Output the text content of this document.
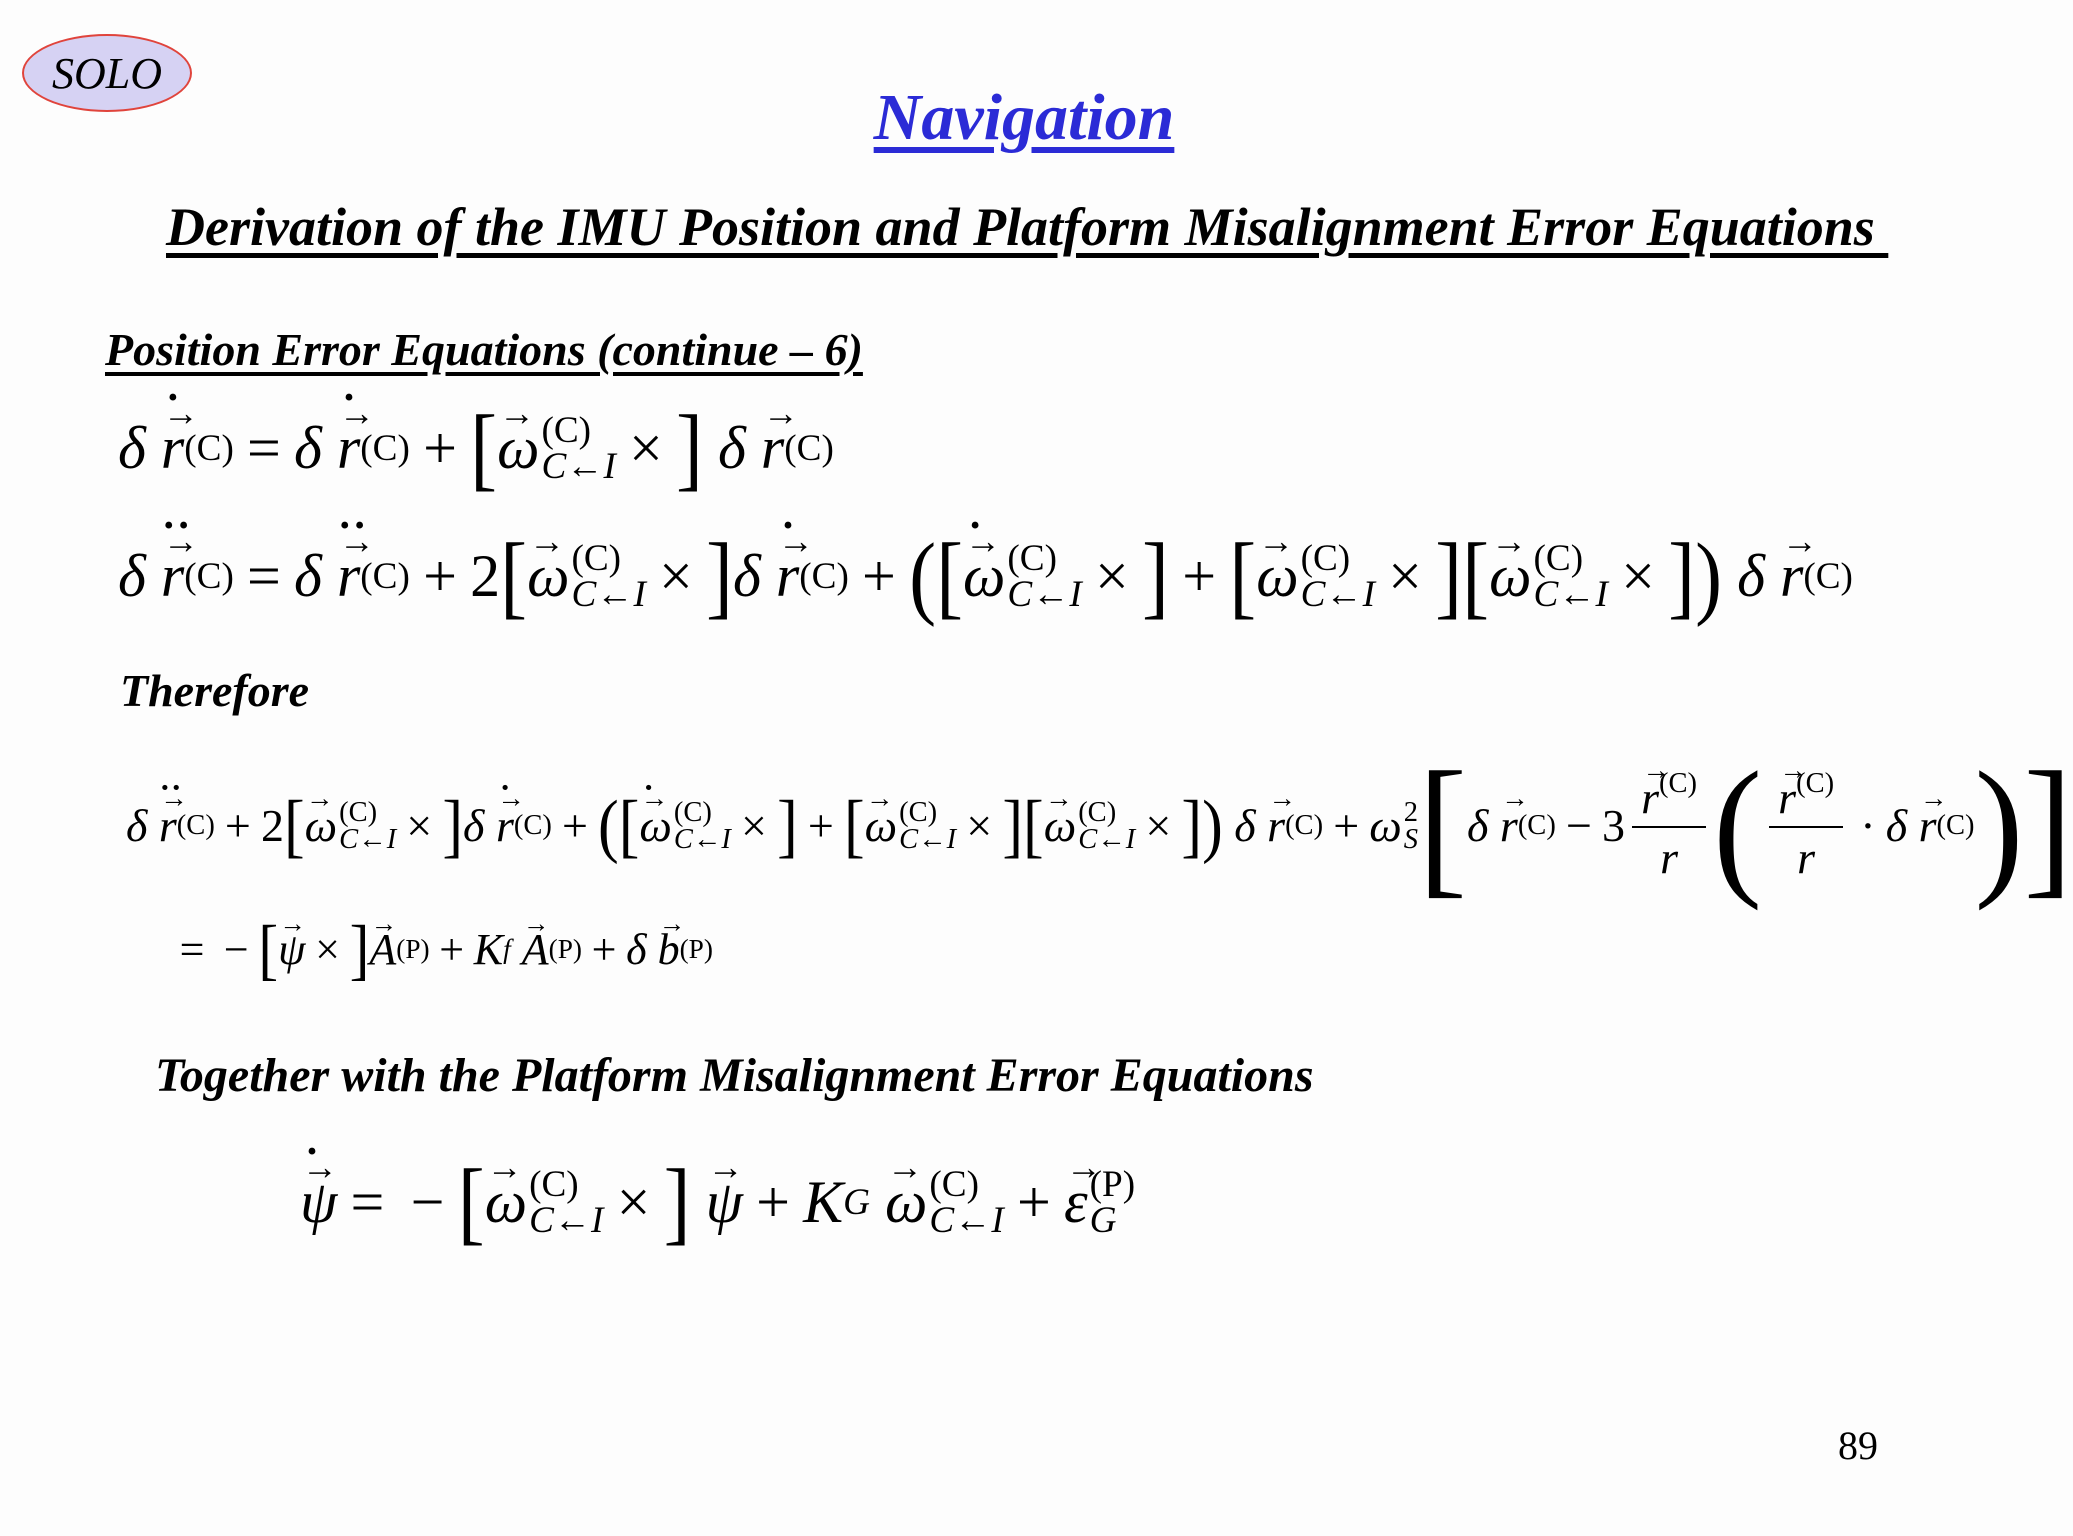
SOLO
Navigation
Derivation of the IMU Position and Platform Misalignment Error Equations
Position Error Equations (continue – 6)
δ
→ r · (C) = δ
→ r · (C) + [
→ ω (C)
C←I × ] δ
→ r (C)
δ
→ r ·· (C) = δ
→ r ·· (C) + 2 [
→ ω (C)
C←I × ] δ
→ r · (C) + ( [
→ ω · (C)
C←I × ] + [
→ ω (C)
C←I × ] [
→ ω (C)
C←I × ] ) δ
→ r (C)
Therefore
δ
→ r ·· (C) + 2 [
→ ω (C)
C←I × ] δ
→ r · (C) + ( [
→ ω · (C)
C←I × ] + [
→ ω (C)
C←I × ] [
→ ω (C)
C←I × ] ) δ
→ r (C) + ω 2
S [ δ
→ r (C) − 3
→ $\frac{r^{(C)}}{r}$ (
→ $\frac{r^{(C)}}{r} \cdot \delta$
→ r (C) ) ]
= − [
→ ψ × ]
→ A (P) + K f

→ A (P) + δ
→ b (P)
Together with the Platform Misalignment Error Equations
→ ψ · = − [
→ ω (C)
C←I × ]

→ ψ + K G

→ ω (C)
C←I +
→ ε (P)
G
89
